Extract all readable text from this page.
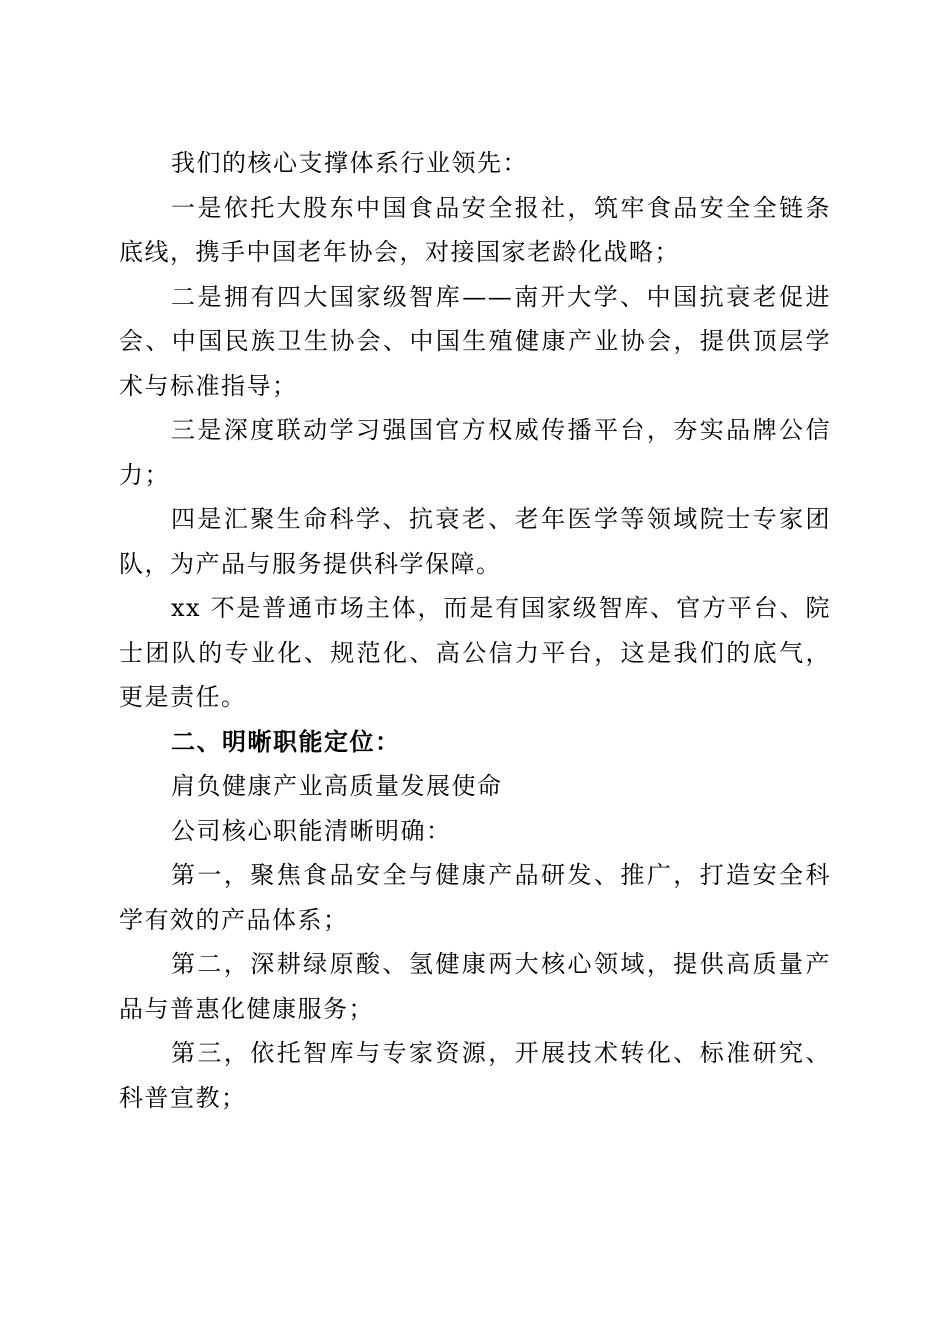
我们的核心支撑体系行业领先：

一是依托大股东中国食品安全报社，筑牢食品安全全链条底线，携手中国老年协会，对接国家老龄化战略；

二是拥有四大国家级智库——南开大学、中国抗衰老促进会、中国民族卫生协会、中国生殖健康产业协会，提供顶层学术与标准指导；

三是深度联动学习强国官方权威传播平台，夯实品牌公信力；

四是汇聚生命科学、抗衰老、老年医学等领域院士专家团队，为产品与服务提供科学保障。

xx 不是普通市场主体，而是有国家级智库、官方平台、院士团队的专业化、规范化、高公信力平台，这是我们的底气，更是责任。

二、明晰职能定位：

肩负健康产业高质量发展使命

公司核心职能清晰明确：

第一，聚焦食品安全与健康产品研发、推广，打造安全科学有效的产品体系；

第二，深耕绿原酸、氢健康两大核心领域，提供高质量产品与普惠化健康服务；

第三，依托智库与专家资源，开展技术转化、标准研究、科普宣教；
